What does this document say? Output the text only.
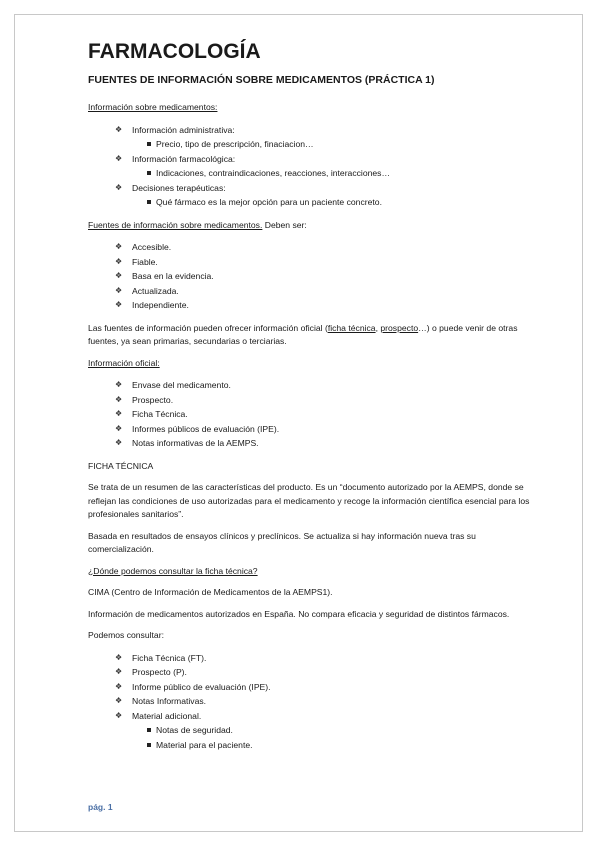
FARMACOLOGÍA
FUENTES DE INFORMACIÓN SOBRE MEDICAMENTOS (PRÁCTICA 1)

Información sobre medicamentos:

❖ Información administrativa:
Precio, tipo de prescripción, finaciacion…
❖ Información farmacológica:
Indicaciones, contraindicaciones, reacciones, interacciones…
❖ Decisiones terapéuticas:
Qué fármaco es la mejor opción para un paciente concreto.

Fuentes de información sobre medicamentos. Deben ser:

❖ Accesible.
❖ Fiable.
❖ Basa en la evidencia.
❖ Actualizada.
❖ Independiente.

Las fuentes de información pueden ofrecer información oficial (ficha técnica, prospecto…) o puede venir de otras fuentes, ya sean primarias, secundarias o terciarias.

Información oficial:

❖ Envase del medicamento.
❖ Prospecto.
❖ Ficha Técnica.
❖ Informes públicos de evaluación (IPE).
❖ Notas informativas de la AEMPS.

FICHA TÉCNICA

Se trata de un resumen de las características del producto. Es un “documento autorizado por la AEMPS, donde se reflejan las condiciones de uso autorizadas para el medicamento y recoge la información científica esencial para los profesionales sanitarios”.

Basada en resultados de ensayos clínicos y preclínicos. Se actualiza si hay información nueva tras su comercialización.

¿Dónde podemos consultar la ficha técnica?

CIMA (Centro de Información de Medicamentos de la AEMPS1).

Información de medicamentos autorizados en España. No compara eficacia y seguridad de distintos fármacos.

Podemos consultar:

❖ Ficha Técnica (FT).
❖ Prospecto (P).
❖ Informe público de evaluación (IPE).
❖ Notas Informativas.
❖ Material adicional.
Notas de seguridad.
Material para el paciente.
pág. 1
